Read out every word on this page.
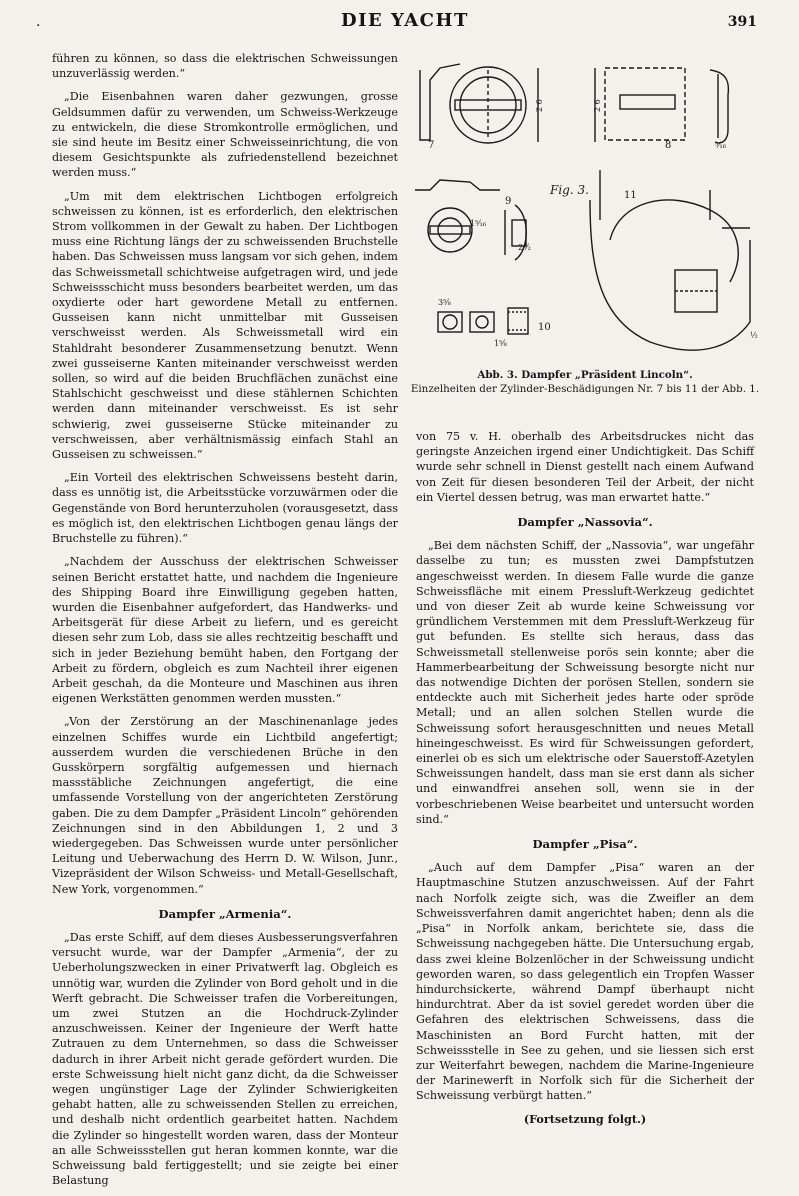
.	DIE YACHT	391

führen zu können, so dass die elektrischen Schweissungen unzuverlässig werden.“

„Die Eisenbahnen waren daher gezwungen, grosse Geldsummen dafür zu verwenden, um Schweiss-Werkzeuge zu entwickeln, die diese Stromkontrolle ermöglichen, und sie sind heute im Besitz einer Schweisseinrichtung, die von diesem Gesichtspunkte als zufriedenstellend bezeichnet werden muss.“

„Um mit dem elektrischen Lichtbogen erfolgreich schweissen zu können, ist es erforderlich, den elektrischen Strom vollkommen in der Gewalt zu haben. Der Lichtbogen muss eine Richtung längs der zu schweissenden Bruchstelle haben. Das Schweissen muss langsam vor sich gehen, indem das Schweissmetall schichtweise aufgetragen wird, und jede Schweissschicht muss besonders bearbeitet werden, um das oxydierte oder hart gewordene Metall zu entfernen. Gusseisen kann nicht unmittelbar mit Gusseisen verschweisst werden. Als Schweissmetall wird ein Stahldraht besonderer Zusammensetzung benutzt. Wenn zwei gusseiserne Kanten miteinander verschweisst werden sollen, so wird auf die beiden Bruchflächen zunächst eine Stahlschicht geschweisst und diese stählernen Schichten werden dann miteinander verschweisst. Es ist sehr schwierig, zwei gusseiserne Stücke miteinander zu verschweissen, aber verhältnismässig einfach Stahl an Gusseisen zu schweissen.“

„Ein Vorteil des elektrischen Schweissens besteht darin, dass es unnötig ist, die Arbeitsstücke vorzuwärmen oder die Gegenstände von Bord herunterzuholen (vorausgesetzt, dass es möglich ist, den elektrischen Lichtbogen genau längs der Bruchstelle zu führen).“

„Nachdem der Ausschuss der elektrischen Schweisser seinen Bericht erstattet hatte, und nachdem die Ingenieure des Shipping Board ihre Einwilligung gegeben hatten, wurden die Eisenbahner aufgefordert, das Handwerks- und Arbeitsgerät für diese Arbeit zu liefern, und es gereicht diesen sehr zum Lob, dass sie alles rechtzeitig beschafft und sich in jeder Beziehung bemüht haben, den Fortgang der Arbeit zu fördern, obgleich es zum Nachteil ihrer eigenen Arbeit geschah, da die Monteure und Maschinen aus ihren eigenen Werkstätten genommen werden mussten.“

„Von der Zerstörung an der Maschinenanlage jedes einzelnen Schiffes wurde ein Lichtbild angefertigt; ausserdem wurden die verschiedenen Brüche in den Gusskörpern sorgfältig aufgemessen und hiernach massstäbliche Zeichnungen angefertigt, die eine umfassende Vorstellung von der angerichteten Zerstörung gaben. Die zu dem Dampfer „Präsident Lincoln“ gehörenden Zeichnungen sind in den Abbildungen 1, 2 und 3 wiedergegeben. Das Schweissen wurde unter persönlicher Leitung und Ueberwachung des Herrn D. W. Wilson, Junr., Vizepräsident der Wilson Schweiss- und Metall-Gesellschaft, New York, vorgenommen.“

Dampfer „Armenia“.

„Das erste Schiff, auf dem dieses Ausbesserungsverfahren versucht wurde, war der Dampfer „Armenia“, der zu Ueberholungszwecken in einer Privatwerft lag. Obgleich es unnötig war, wurden die Zylinder von Bord geholt und in die Werft gebracht. Die Schweisser trafen die Vorbereitungen, um zwei Stutzen an die Hochdruck-Zylinder anzuschweissen. Keiner der Ingenieure der Werft hatte Zutrauen zu dem Unternehmen, so dass die Schweisser dadurch in ihrer Arbeit nicht gerade gefördert wurden. Die erste Schweissung hielt nicht ganz dicht, da die Schweisser wegen ungünstiger Lage der Zylinder Schwierigkeiten gehabt hatten, alle zu schweissenden Stellen zu erreichen, und deshalb nicht ordentlich gearbeitet hatten. Nachdem die Zylinder so hingestellt worden waren, dass der Monteur an alle Schweissstellen gut heran kommen konnte, war die Schweissung bald fertiggestellt; und sie zeigte bei einer Belastung

7	8
9
10
11
Fig. 3.
2 6	2 6
1⁵⁄₁₆
2¹⁄₂
3⁵⁄₈
1⁵⁄₈
½
⁵⁄₁₆
Abb. 3. Dampfer „Präsident Lincoln“.
Einzelheiten der Zylinder-Beschädigungen Nr. 7 bis 11 der Abb. 1.

von 75 v. H. oberhalb des Arbeitsdruckes nicht das geringste Anzeichen irgend einer Undichtigkeit. Das Schiff wurde sehr schnell in Dienst gestellt nach einem Aufwand von Zeit für diesen besonderen Teil der Arbeit, der nicht ein Viertel dessen betrug, was man erwartet hatte.“

Dampfer „Nassovia“.

„Bei dem nächsten Schiff, der „Nassovia“, war ungefähr dasselbe zu tun; es mussten zwei Dampfstutzen angeschweisst werden. In diesem Falle wurde die ganze Schweissfläche mit einem Pressluft-Werkzeug gedichtet und von dieser Zeit ab wurde keine Schweissung vor gründlichem Verstemmen mit dem Pressluft-Werkzeug für gut befunden. Es stellte sich heraus, dass das Schweissmetall stellenweise porös sein konnte; aber die Hammerbearbeitung der Schweissung besorgte nicht nur das notwendige Dichten der porösen Stellen, sondern sie entdeckte auch mit Sicherheit jedes harte oder spröde Metall; und an allen solchen Stellen wurde die Schweissung sofort herausgeschnitten und neues Metall hineingeschweisst. Es wird für Schweissungen gefordert, einerlei ob es sich um elektrische oder Sauerstoff-Azetylen Schweissungen handelt, dass man sie erst dann als sicher und einwandfrei ansehen soll, wenn sie in der vorbeschriebenen Weise bearbeitet und untersucht worden sind.“

Dampfer „Pisa“.

„Auch auf dem Dampfer „Pisa“ waren an der Hauptmaschine Stutzen anzuschweissen. Auf der Fahrt nach Norfolk zeigte sich, was die Zweifler an dem Schweissverfahren damit angerichtet haben; denn als die „Pisa“ in Norfolk ankam, berichtete sie, dass die Schweissung nachgegeben hätte. Die Untersuchung ergab, dass zwei kleine Bolzenlöcher in der Schweissung undicht geworden waren, so dass gelegentlich ein Tropfen Wasser hindurchsickerte, während Dampf überhaupt nicht hindurchtrat. Aber da ist soviel geredet worden über die Gefahren des elektrischen Schweissens, dass die Maschinisten an Bord Furcht hatten, mit der Schweissstelle in See zu gehen, und sie liessen sich erst zur Weiterfahrt bewegen, nachdem die Marine-Ingenieure der Marinewerft in Norfolk sich für die Sicherheit der Schweissung verbürgt hatten.“

(Fortsetzung folgt.)
